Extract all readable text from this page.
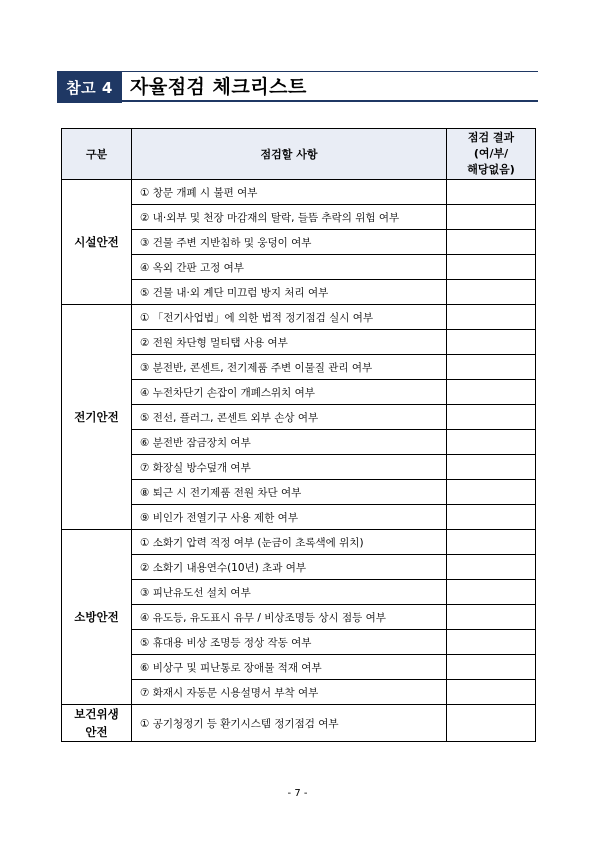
참고 4 자율점검 체크리스트
구분	점검할 사항	점검 결과
(여/부/
해당없음)

시설안전	① 창문 개폐 시 불편 여부	
	② 내·외부 및 천장 마감재의 탈락, 들뜸 추락의 위험 여부	
	③ 건물 주변 지반침하 및 웅덩이 여부	
	④ 옥외 간판 고정 여부	
	⑤ 건물 내·외 계단 미끄럼 방지 처리 여부	
전기안전	① 「전기사업법」에 의한 법적 정기점검 실시 여부	
	② 전원 차단형 멀티탭 사용 여부	
	③ 분전반, 콘센트, 전기제품 주변 이물질 관리 여부	
	④ 누전차단기 손잡이 개폐스위치 여부	
	⑤ 전선, 플러그, 콘센트 외부 손상 여부	
	⑥ 분전반 잠금장치 여부	
	⑦ 화장실 방수덮개 여부	
	⑧ 퇴근 시 전기제품 전원 차단 여부	
	⑨ 비인가 전열기구 사용 제한 여부	
소방안전	① 소화기 압력 적정 여부 (눈금이 초록색에 위치)	
	② 소화기 내용연수(10년) 초과 여부	
	③ 피난유도선 설치 여부	
	④ 유도등, 유도표시 유무 / 비상조명등 상시 점등 여부	
	⑤ 휴대용 비상 조명등 정상 작동 여부	
	⑥ 비상구 및 피난통로 장애물 적재 여부	
	⑦ 화재시 자동문 시용설명서 부착 여부	

보건위생
안전	① 공기청정기 등 환기시스템 정기점검 여부	
- 7 -
